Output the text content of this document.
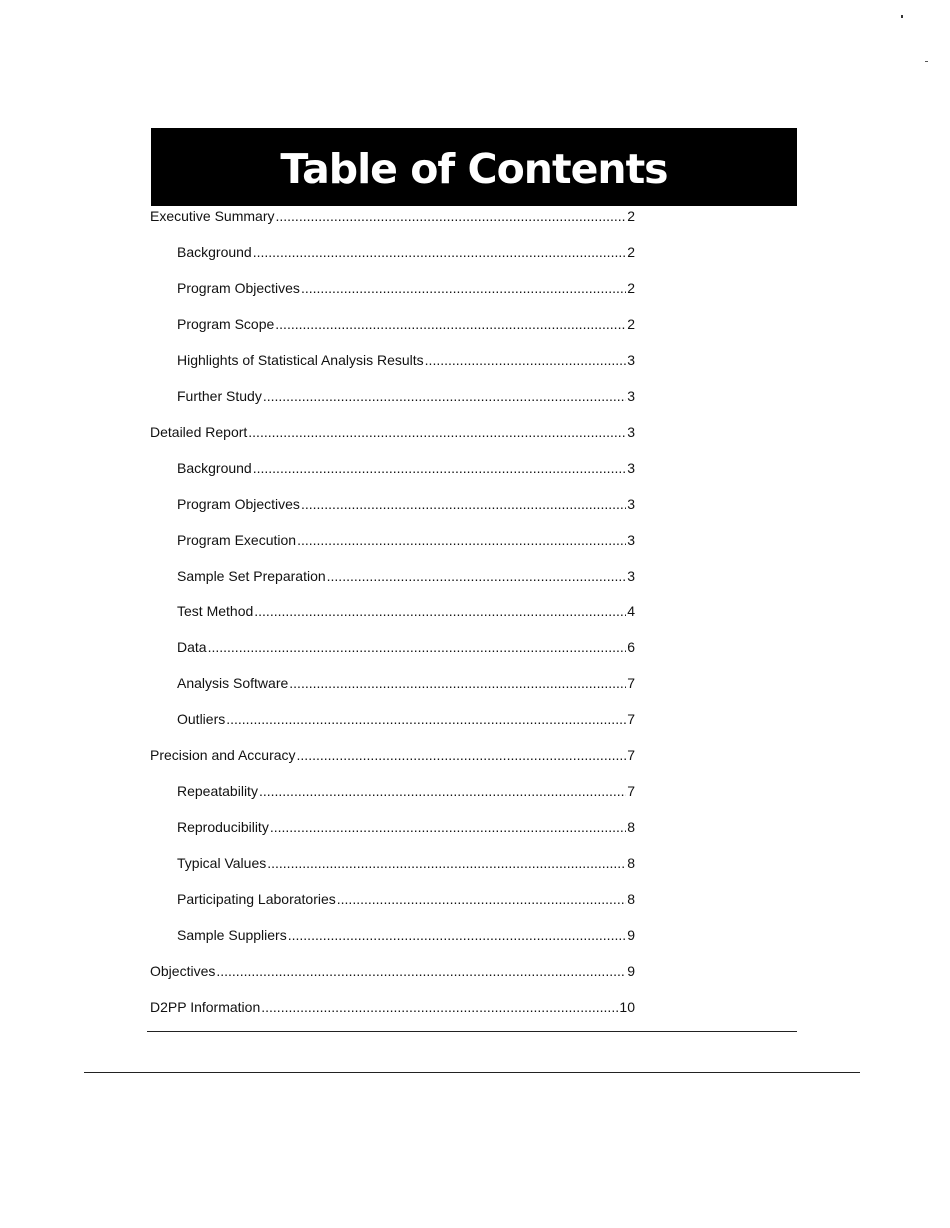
Table of Contents
Executive Summary .....	2
Background .....	2
Program Objectives .....	2
Program Scope .....	2
Highlights of Statistical Analysis Results .....	3
Further Study .....	3
Detailed Report .....	3
Background .....	3
Program Objectives .....	3
Program Execution .....	3
Sample Set Preparation .....	3
Test Method .....	4
Data .....	6
Analysis Software .....	7
Outliers .....	7
Precision and Accuracy .....	7
Repeatability .....	7
Reproducibility .....	8
Typical Values .....	8
Participating Laboratories .....	8
Sample Suppliers .....	9
Objectives .....	9
D2PP Information .....	10
